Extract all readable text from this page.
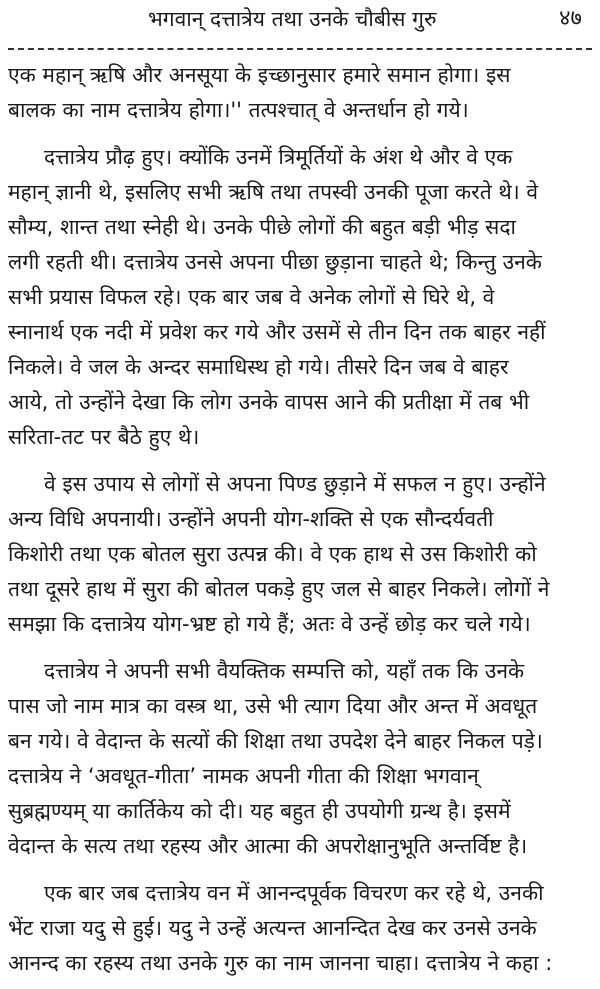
भगवान् दत्तात्रेय तथा उनके चौबीस गुरु	४७
एक महान् ऋषि और अनसूया के इच्छानुसार हमारे समान होगा। इस
बालक का नाम दत्तात्रेय होगा।'' तत्पश्चात् वे अन्तर्धान हो गये।
दत्तात्रेय प्रौढ़ हुए। क्योंकि उनमें त्रिमूर्तियों के अंश थे और वे एक
महान् ज्ञानी थे, इसलिए सभी ऋषि तथा तपस्वी उनकी पूजा करते थे। वे
सौम्य, शान्त तथा स्नेही थे। उनके पीछे लोगों की बहुत बड़ी भीड़ सदा
लगी रहती थी। दत्तात्रेय उनसे अपना पीछा छुड़ाना चाहते थे; किन्तु उनके
सभी प्रयास विफल रहे। एक बार जब वे अनेक लोगों से घिरे थे, वे
स्नानार्थ एक नदी में प्रवेश कर गये और उसमें से तीन दिन तक बाहर नहीं
निकले। वे जल के अन्दर समाधिस्थ हो गये। तीसरे दिन जब वे बाहर
आये, तो उन्होंने देखा कि लोग उनके वापस आने की प्रतीक्षा में तब भी
सरिता-तट पर बैठे हुए थे।
वे इस उपाय से लोगों से अपना पिण्ड छुड़ाने में सफल न हुए। उन्होंने
अन्य विधि अपनायी। उन्होंने अपनी योग-शक्ति से एक सौन्दर्यवती
किशोरी तथा एक बोतल सुरा उत्पन्न की। वे एक हाथ से उस किशोरी को
तथा दूसरे हाथ में सुरा की बोतल पकड़े हुए जल से बाहर निकले। लोगों ने
समझा कि दत्तात्रेय योग-भ्रष्ट हो गये हैं; अतः वे उन्हें छोड़ कर चले गये।
दत्तात्रेय ने अपनी सभी वैयक्तिक सम्पत्ति को, यहाँ तक कि उनके
पास जो नाम मात्र का वस्त्र था, उसे भी त्याग दिया और अन्त में अवधूत
बन गये। वे वेदान्त के सत्यों की शिक्षा तथा उपदेश देने बाहर निकल पड़े।
दत्तात्रेय ने ‘अवधूत-गीता’ नामक अपनी गीता की शिक्षा भगवान्
सुब्रह्मण्यम् या कार्तिकेय को दी। यह बहुत ही उपयोगी ग्रन्थ है। इसमें
वेदान्त के सत्य तथा रहस्य और आत्मा की अपरोक्षानुभूति अन्तर्विष्ट है।
एक बार जब दत्तात्रेय वन में आनन्दपूर्वक विचरण कर रहे थे, उनकी
भेंट राजा यदु से हुई। यदु ने उन्हें अत्यन्त आनन्दित देख कर उनसे उनके
आनन्द का रहस्य तथा उनके गुरु का नाम जानना चाहा। दत्तात्रेय ने कहा :
